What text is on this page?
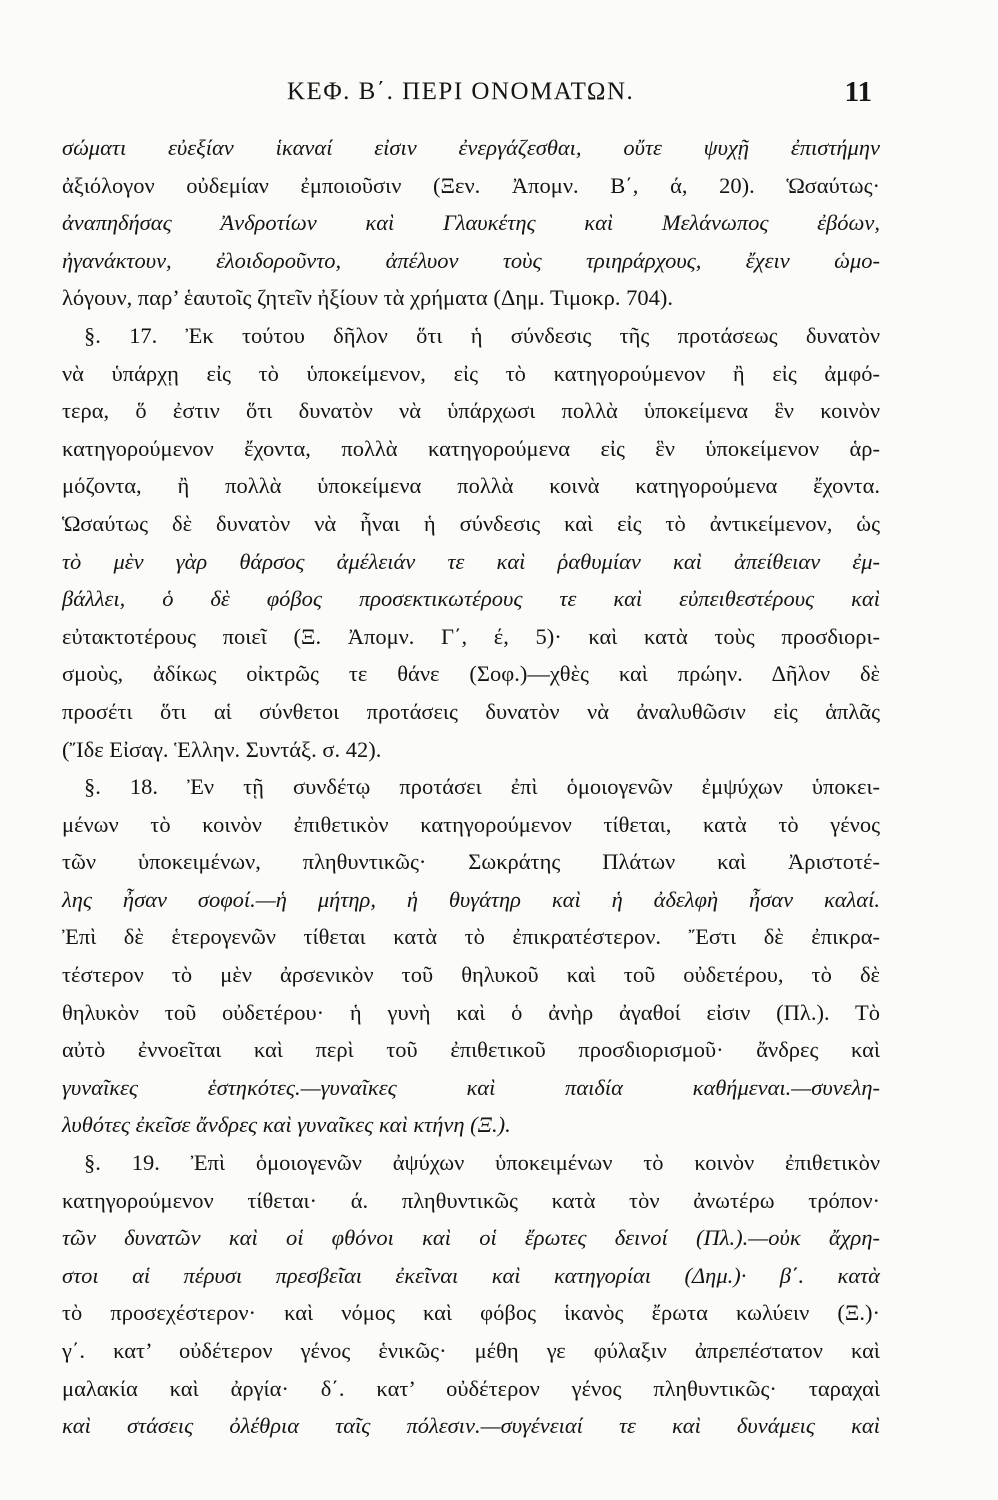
ΚΕΦ. Β΄. ΠΕΡΙ ΟΝΟΜΑΤΩΝ.	11
σώματι εὐεξίαν ἱκαναί εἰσιν ἐνεργάζεσθαι, οὔτε ψυχῇ ἐπιστήμην
ἀξιόλογον οὐδεμίαν ἐμποιοῦσιν (Ξεν. Ἀπομν. Β΄, ά, 20). Ὡσαύτως·
ἀναπηδήσας Ἀνδροτίων καὶ Γλαυκέτης καὶ Μελάνωπος ἐβόων,
ἠγανάκτουν, ἐλοιδοροῦντο, ἀπέλυον τοὺς τριηράρχους, ἔχειν ὡμο-
λόγουν, παρ’ ἑαυτοῖς ζητεῖν ἠξίουν τὰ χρήματα (Δημ. Τιμοκρ. 704).
§. 17. Ἐκ τούτου δῆλον ὅτι ἡ σύνδεσις τῆς προτάσεως δυνατὸν
νὰ ὑπάρχῃ εἰς τὸ ὑποκείμενον, εἰς τὸ κατηγορούμενον ἢ εἰς ἀμφό-
τερα, ὅ ἐστιν ὅτι δυνατὸν νὰ ὑπάρχωσι πολλὰ ὑποκείμενα ἓν κοινὸν
κατηγορούμενον ἔχοντα, πολλὰ κατηγορούμενα εἰς ἓν ὑποκείμενον ἁρ-
μόζοντα, ἢ πολλὰ ὑποκείμενα πολλὰ κοινὰ κατηγορούμενα ἔχοντα.
Ὡσαύτως δὲ δυνατὸν νὰ ἦναι ἡ σύνδεσις καὶ εἰς τὸ ἀντικείμενον, ὡς
τὸ μὲν γὰρ θάρσος ἀμέλειάν τε καὶ ῥαθυμίαν καὶ ἀπείθειαν ἐμ-
βάλλει, ὁ δὲ φόβος προσεκτικωτέρους τε καὶ εὐπειθεστέρους καὶ
εὐτακτοτέρους ποιεῖ (Ξ. Ἀπομν. Γ΄, έ, 5)· καὶ κατὰ τοὺς προσδιορι-
σμοὺς, ἀδίκως οἰκτρῶς τε θάνε (Σοφ.)—χθὲς καὶ πρώην. Δῆλον δὲ
προσέτι ὅτι αἱ σύνθετοι προτάσεις δυνατὸν νὰ ἀναλυθῶσιν εἰς ἁπλᾶς
(Ἴδε Εἰσαγ. Ἑλλην. Συντάξ. σ. 42).
§. 18. Ἐν τῇ συνδέτῳ προτάσει ἐπὶ ὁμοιογενῶν ἐμψύχων ὑποκει-
μένων τὸ κοινὸν ἐπιθετικὸν κατηγορούμενον τίθεται, κατὰ τὸ γένος
τῶν ὑποκειμένων, πληθυντικῶς· Σωκράτης Πλάτων καὶ Ἀριστοτέ-
λης ἦσαν σοφοί.—ἡ μήτηρ, ἡ θυγάτηρ καὶ ἡ ἀδελφὴ ἦσαν καλαί.
Ἐπὶ δὲ ἑτερογενῶν τίθεται κατὰ τὸ ἐπικρατέστερον. Ἔστι δὲ ἐπικρα-
τέστερον τὸ μὲν ἀρσενικὸν τοῦ θηλυκοῦ καὶ τοῦ οὐδετέρου, τὸ δὲ
θηλυκὸν τοῦ οὐδετέρου· ἡ γυνὴ καὶ ὁ ἀνὴρ ἀγαθοί εἰσιν (Πλ.). Τὸ
αὐτὸ ἐννοεῖται καὶ περὶ τοῦ ἐπιθετικοῦ προσδιορισμοῦ· ἄνδρες καὶ
γυναῖκες ἑστηκότες.—γυναῖκες καὶ παιδία καθήμεναι.—συνελη-
λυθότες ἐκεῖσε ἄνδρες καὶ γυναῖκες καὶ κτήνη (Ξ.).
§. 19. Ἐπὶ ὁμοιογενῶν ἀψύχων ὑποκειμένων τὸ κοινὸν ἐπιθετικὸν
κατηγορούμενον τίθεται· ά. πληθυντικῶς κατὰ τὸν ἀνωτέρω τρόπον·
τῶν δυνατῶν καὶ οἱ φθόνοι καὶ οἱ ἔρωτες δεινοί (Πλ.).—οὐκ ἄχρη-
στοι αἱ πέρυσι πρεσβεῖαι ἐκεῖναι καὶ κατηγορίαι (Δημ.)· β΄. κατὰ
τὸ προσεχέστερον· καὶ νόμος καὶ φόβος ἱκανὸς ἔρωτα κωλύειν (Ξ.)·
γ΄. κατ’ οὐδέτερον γένος ἑνικῶς· μέθη γε φύλαξιν ἀπρεπέστατον καὶ
μαλακία καὶ ἀργία· δ΄. κατ’ οὐδέτερον γένος πληθυντικῶς· ταραχαὶ
καὶ στάσεις ὀλέθρια ταῖς πόλεσιν.—συγένειαί τε καὶ δυνάμεις καὶ
